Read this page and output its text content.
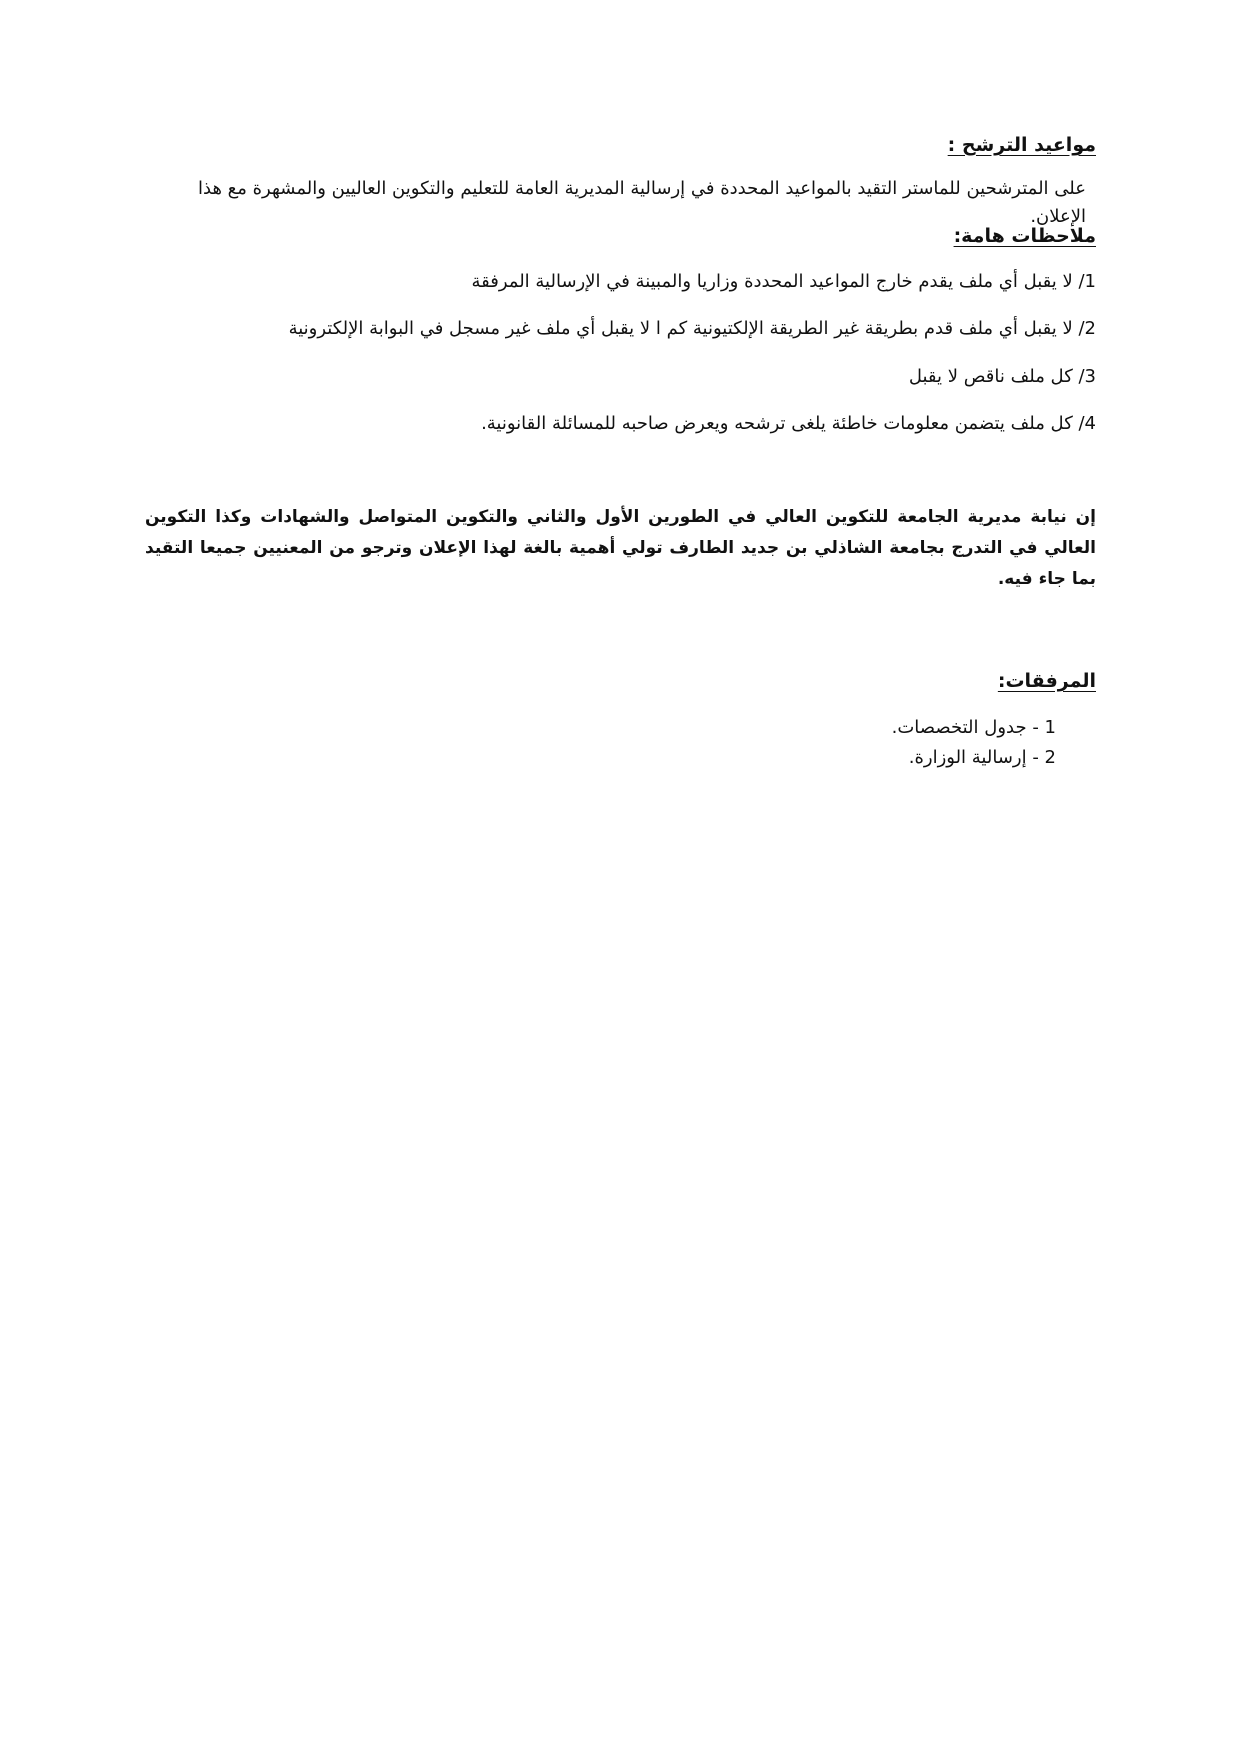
مواعيد الترشح :
على المترشحين للماستر التقيد بالمواعيد المحددة في إرسالية المديرية العامة للتعليم والتكوين العاليين والمشهرة مع هذا الإعلان.
ملاحظات هامة:
1/ لا يقبل أي ملف يقدم خارج المواعيد المحددة وزاريا والمبينة في الإرسالية المرفقة
2/ لا يقبل أي ملف قدم بطريقة غير الطريقة الإلكتيونية كم ا لا يقبل أي ملف غير مسجل في البوابة الإلكترونية
3/ كل ملف ناقص لا يقبل
4/ كل ملف يتضمن معلومات خاطئة يلغى ترشحه ويعرض صاحبه للمسائلة القانونية.
إن نيابة مديرية الجامعة للتكوين العالي في الطورين الأول والثاني والتكوين المتواصل والشهادات وكذا التكوين العالي في التدرج بجامعة الشاذلي بن جديد الطارف تولي أهمية بالغة لهذا الإعلان وترجو من المعنيين جميعا التقيد بما جاء فيه.
المرفقات:
1 - جدول التخصصات.
2 - إرسالية الوزارة.
